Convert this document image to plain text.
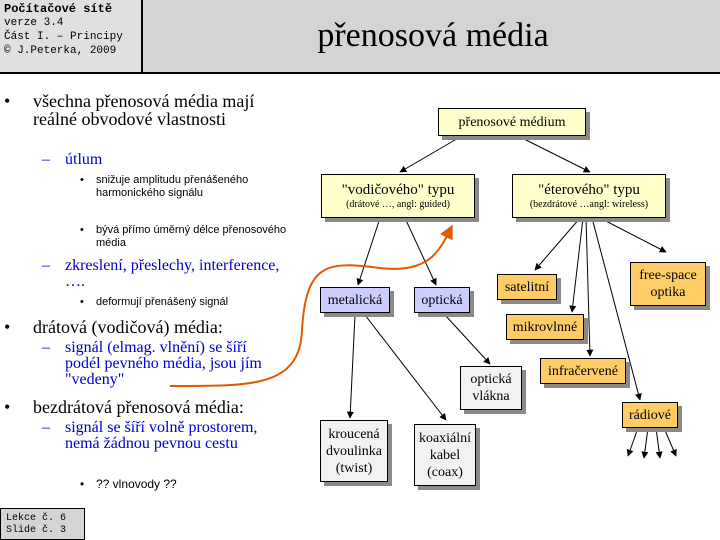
Počítačové sítě
verze 3.4
Část I. – Principy
© J.Peterka, 2009	přenosová média
• všechna přenosová média mají reálné obvodové vlastnosti
– útlum
• snižuje amplitudu přenášeného harmonického signálu
• bývá přímo úměrný délce přenosového média
– zkreslení, přeslechy, interference, ….
• deformují přenášený signál
• drátová (vodičová) média:
– signál (elmag. vlnění) se šíří podél pevného média, jsou jím "vedeny"
• bezdrátová přenosová média:
– signál se šíří volně prostorem, nemá žádnou pevnou cestu
• ?? vlnovody ??
přenosové médium
"vodičového" typu
(drátové …, angl: guided)
"éterového" typu
(bezdrátové …angl: wireless)
metalická	optická
kroucená dvoulinka (twist)
koaxiální kabel (coax)
optická vlákna
satelitní
mikrovlnné
infračervené
free-space optika
rádiové
Lekce č. 6
Slide č. 3
